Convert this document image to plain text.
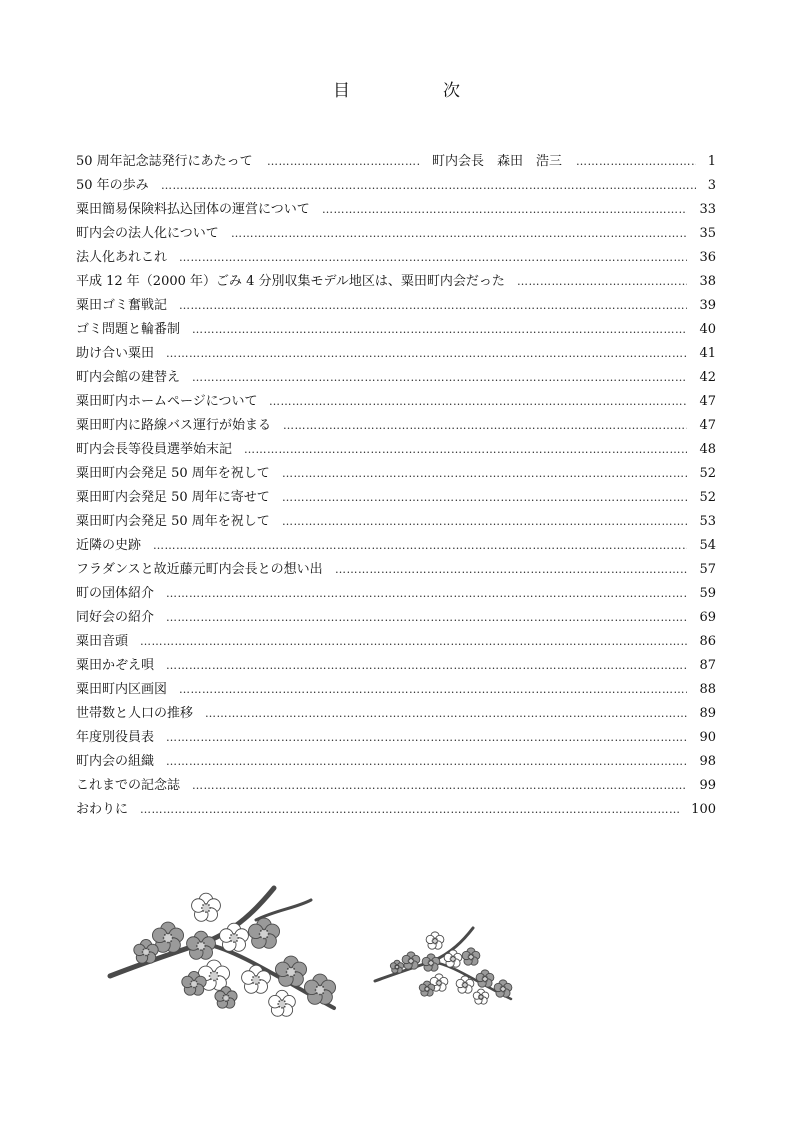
目	次
50 周年記念誌発行にあたって ……………………………………………………………………………………………………………………………………………………………………………………………………………………………………	町内会長　森田　浩三	1
……………………………………………………………………………………………………………………………………………………………………………………………………………………………………
50 年の歩み ……………………………………………………………………………………………………………………………………………………………………………………………………………………………………	3
粟田簡易保険料払込団体の運営について ……………………………………………………………………………………………………………………………………………………………………………………………………………………………………	33
町内会の法人化について ……………………………………………………………………………………………………………………………………………………………………………………………………………………………………	35
法人化あれこれ ……………………………………………………………………………………………………………………………………………………………………………………………………………………………………	36
平成 12 年（2000 年）ごみ 4 分別収集モデル地区は、粟田町内会だった ……………………………………………………………………………………………………………………………………………………………………………………………………………………………………	38
粟田ゴミ奮戦記 ……………………………………………………………………………………………………………………………………………………………………………………………………………………………………	39
ゴミ問題と輪番制 ……………………………………………………………………………………………………………………………………………………………………………………………………………………………………	40
助け合い粟田 ……………………………………………………………………………………………………………………………………………………………………………………………………………………………………	41
町内会館の建替え ……………………………………………………………………………………………………………………………………………………………………………………………………………………………………	42
粟田町内ホームページについて ……………………………………………………………………………………………………………………………………………………………………………………………………………………………………	47
粟田町内に路線バス運行が始まる ……………………………………………………………………………………………………………………………………………………………………………………………………………………………………	47
町内会長等役員選挙始末記 ……………………………………………………………………………………………………………………………………………………………………………………………………………………………………	48
粟田町内会発足 50 周年を祝して ……………………………………………………………………………………………………………………………………………………………………………………………………………………………………	52
粟田町内会発足 50 周年に寄せて ……………………………………………………………………………………………………………………………………………………………………………………………………………………………………	52
粟田町内会発足 50 周年を祝して ……………………………………………………………………………………………………………………………………………………………………………………………………………………………………	53
近隣の史跡 ……………………………………………………………………………………………………………………………………………………………………………………………………………………………………	54
フラダンスと故近藤元町内会長との想い出 ……………………………………………………………………………………………………………………………………………………………………………………………………………………………………	57
町の団体紹介 ……………………………………………………………………………………………………………………………………………………………………………………………………………………………………	59
同好会の紹介 ……………………………………………………………………………………………………………………………………………………………………………………………………………………………………	69
粟田音頭 ……………………………………………………………………………………………………………………………………………………………………………………………………………………………………	86
粟田かぞえ唄 ……………………………………………………………………………………………………………………………………………………………………………………………………………………………………	87
粟田町内区画図 ……………………………………………………………………………………………………………………………………………………………………………………………………………………………………	88
世帯数と人口の推移 ……………………………………………………………………………………………………………………………………………………………………………………………………………………………………	89
年度別役員表 ……………………………………………………………………………………………………………………………………………………………………………………………………………………………………	90
町内会の組織 ……………………………………………………………………………………………………………………………………………………………………………………………………………………………………	98
これまでの記念誌 ……………………………………………………………………………………………………………………………………………………………………………………………………………………………………	99
おわりに ……………………………………………………………………………………………………………………………………………………………………………………………………………………………………	100
